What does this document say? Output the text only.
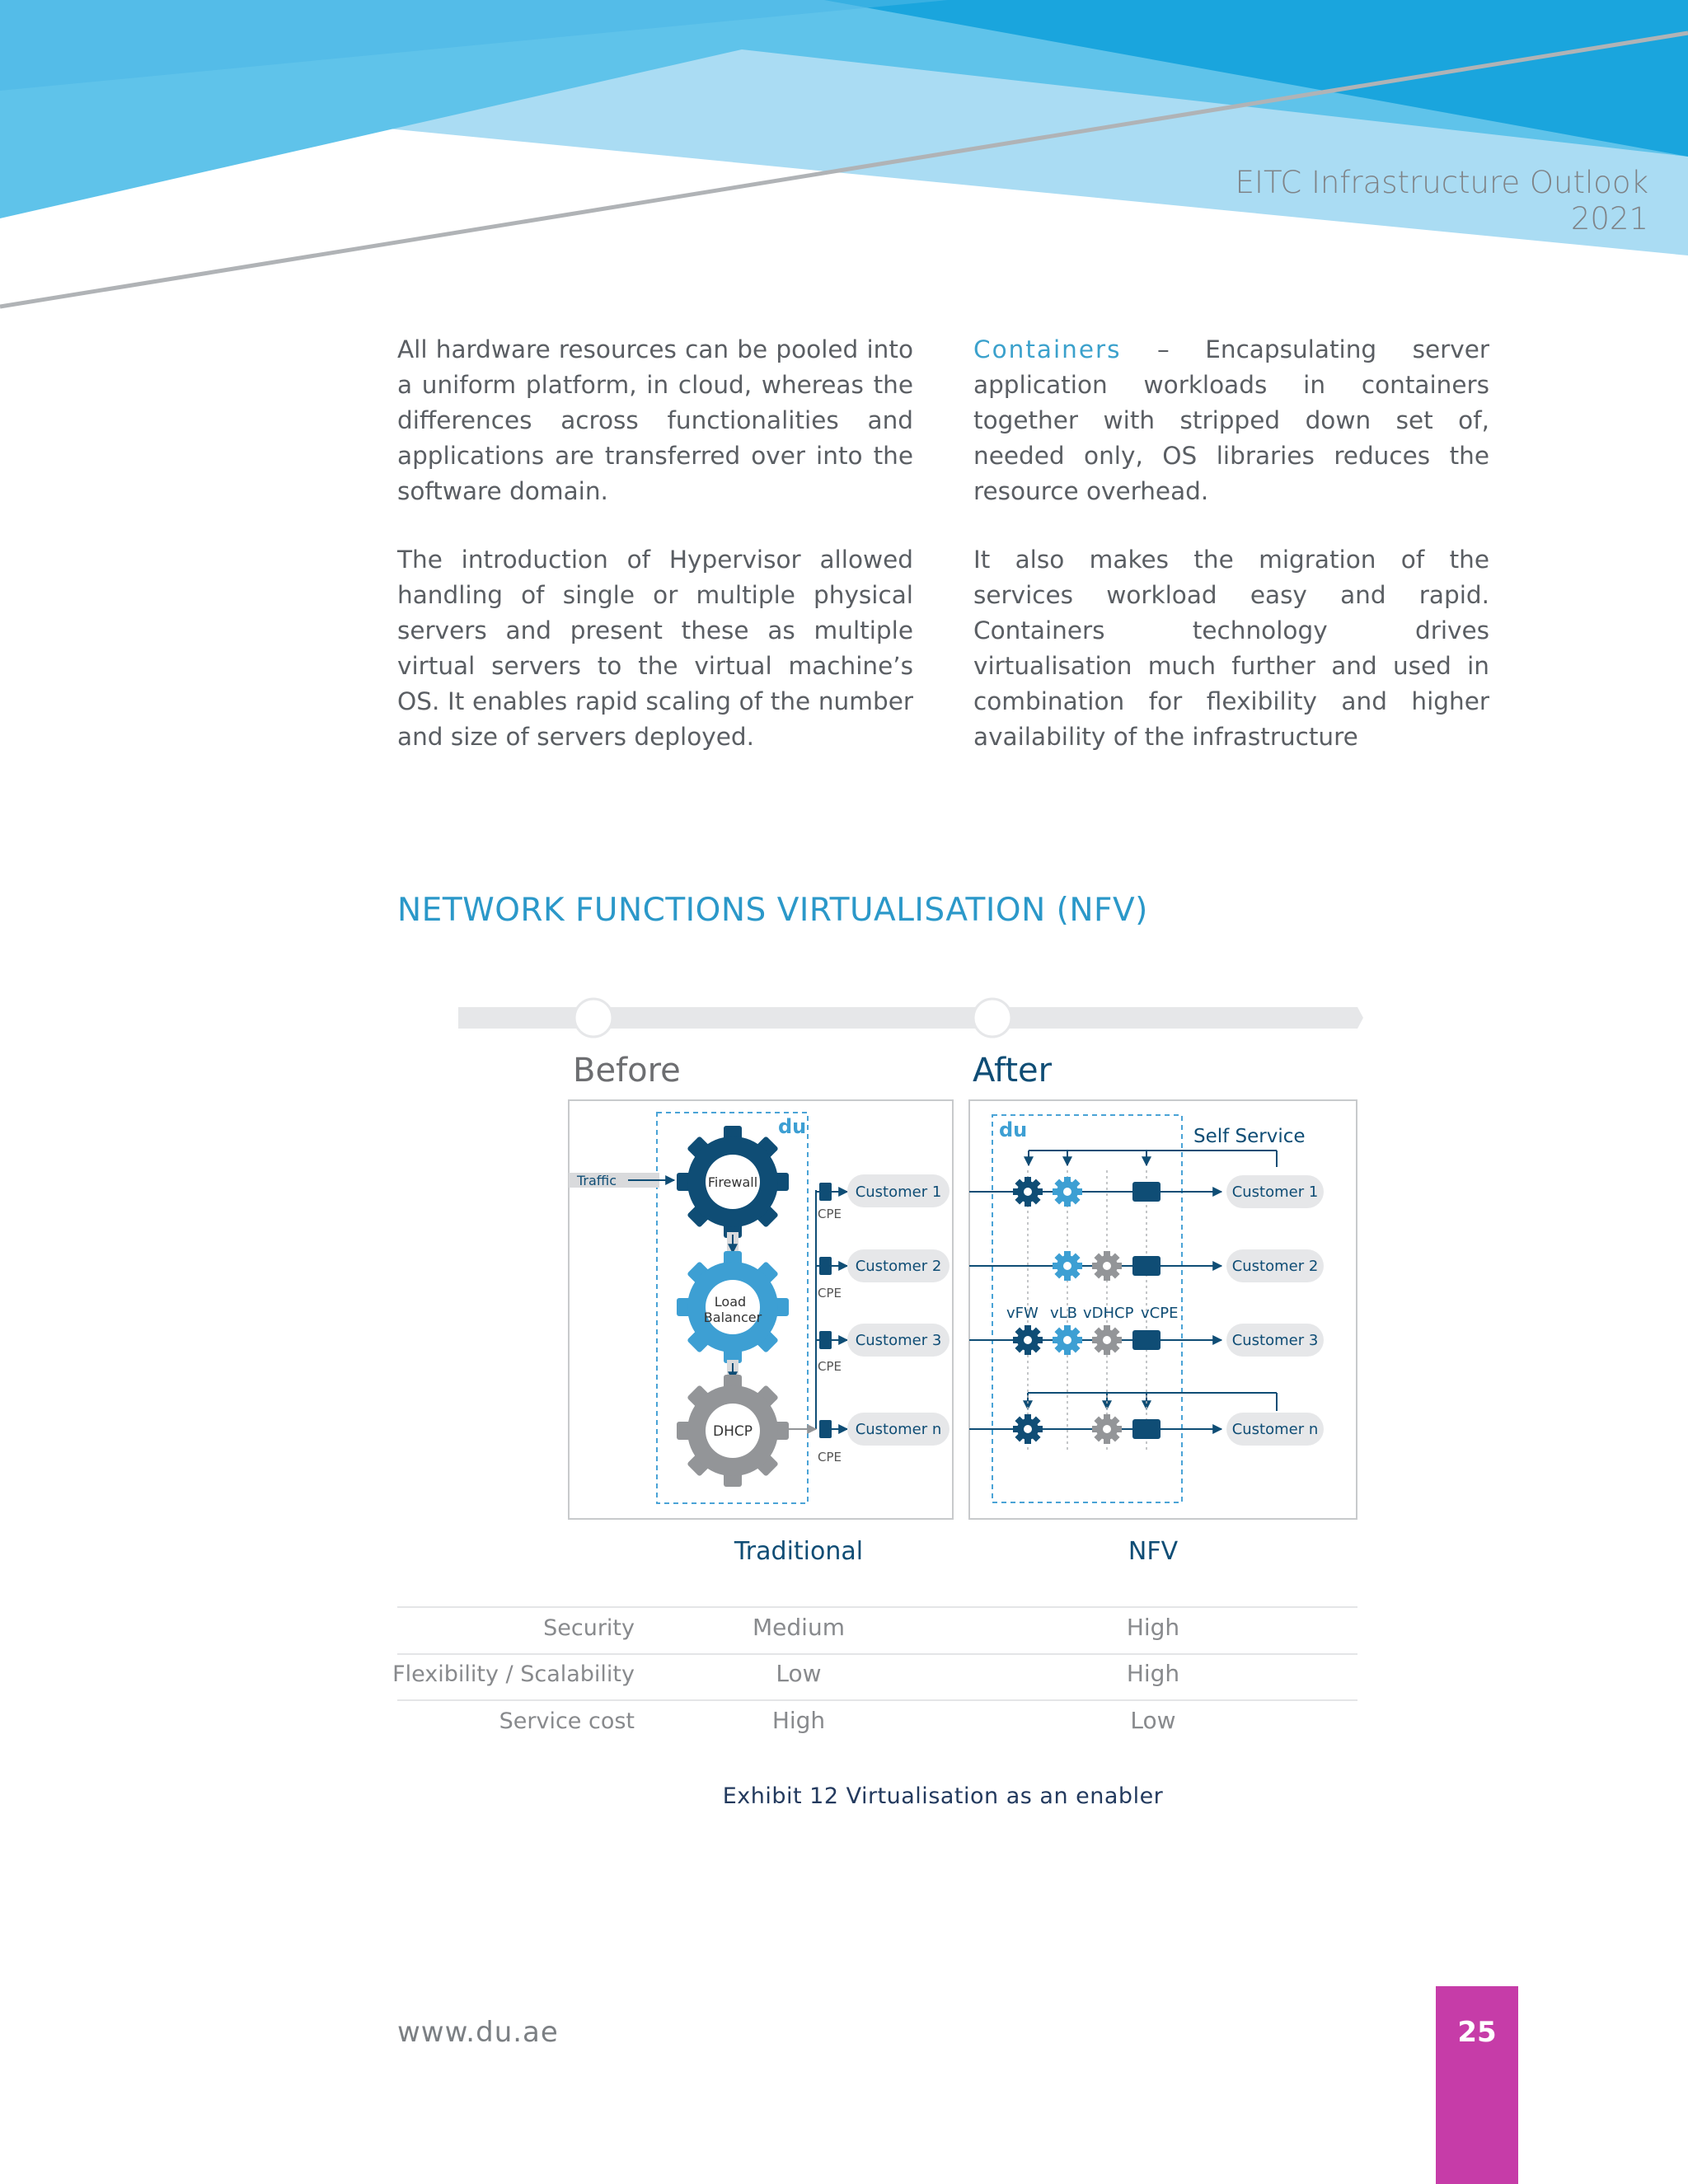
EITC Infrastructure Outlook
2021

All hardware resources can be pooled into a uniform platform, in cloud, whereas the differences across functionalities and applications are transferred over into the software domain.

The introduction of Hypervisor allowed handling of single or multiple physical servers and present these as multiple virtual servers to the virtual machine’s OS. It enables rapid scaling of the number and size of servers deployed.

Containers – Encapsulating server application workloads in containers together with stripped down set of, needed only, OS libraries reduces the resource overhead.

It also makes the migration of the services workload easy and rapid. Containers technology drives virtualisation much further and used in combination for flexibility and higher availability of the infrastructure

NETWORK FUNCTIONS VIRTUALISATION (NFV)
Before	After
du
Traffic	Firewall
Load
Balancer
DHCP
CPE
Customer 1
CPE
Customer 2
CPE
Customer 3
CPE
Customer n
du	Self Service
Customer 1
Customer 2
vFW vLB vDHCP vCPE
Customer 3
Customer n
Traditional	NFV
Security	Medium	High
Flexibility / Scalability	Low	High
Service cost	High	Low
Exhibit 12 Virtualisation as an enabler
www.du.ae	25
